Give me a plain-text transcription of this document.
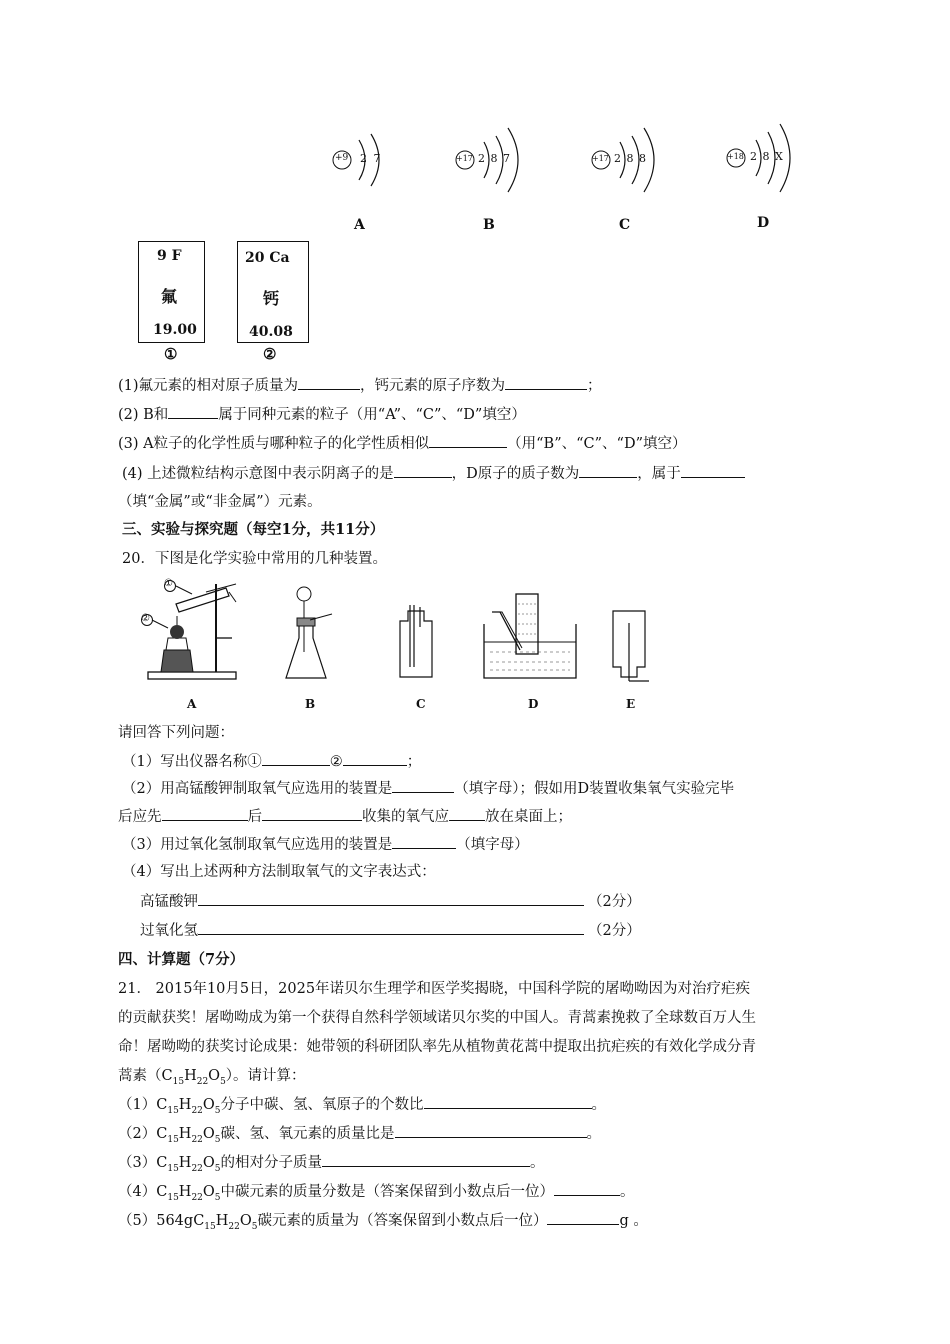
+9 2 7
A
+17 2 8 7
B
+17 2 8 8
C
+18 2 8 X
D
9 F
氟
19.00
①
20 Ca
钙
40.08
②
(1)氟元素的相对原子质量为	，钙元素的原子序数为	；
(2) B和	属于同种元素的粒子（用“A”、“C”、“D”填空）
(3) A粒子的化学性质与哪种粒子的化学性质相似	（用“B”、“C”、“D”填空）
(4) 上述微粒结构示意图中表示阴离子的是	，D原子的质子数为	，属于
（填“金属”或“非金属”）元素。
三、实验与探究题（每空1分，共11分）
20．下图是化学实验中常用的几种装置。
①
②
A	B	C	D	E
请回答下列问题：
（1）写出仪器名称①	②	；
（2）用高锰酸钾制取氧气应选用的装置是	（填字母）；假如用D装置收集氧气实验完毕
后应先	后	收集的氧气应 放在桌面上；
（3）用过氧化氢制取氧气应选用的装置是	（填字母）
（4）写出上述两种方法制取氧气的文字表达式：
高锰酸钾	（2分）
过氧化氢	（2分）
四、计算题（7分）
21． 2015年10月5日，2025年诺贝尔生理学和医学奖揭晓，中国科学院的屠呦呦因为对治疗疟疾
的贡献获奖！屠呦呦成为第一个获得自然科学领域诺贝尔奖的中国人。青蒿素挽救了全球数百万人生
命！屠呦呦的获奖讨论成果：她带领的科研团队率先从植物黄花蒿中提取出抗疟疾的有效化学成分青
蒿素$(C_{15}H_{22}O_5)$。请计算：
$(1)C_{15}H_{22}O_5$分子中碳、氢、氧原子的个数比	。
$(2)C_{15}H_{22}O_5$碳、氢、氧元素的质量比是	。
$(3)C_{15}H_{22}O_5$的相对分子质量	。
$(4)C_{15}H_{22}O_5$中碳元素的质量分数是（答案保留到小数点后一位）	。
$(5)564gC_{15}H_{22}O_5$碳元素的质量为（答案保留到小数点后一位）	g 。
